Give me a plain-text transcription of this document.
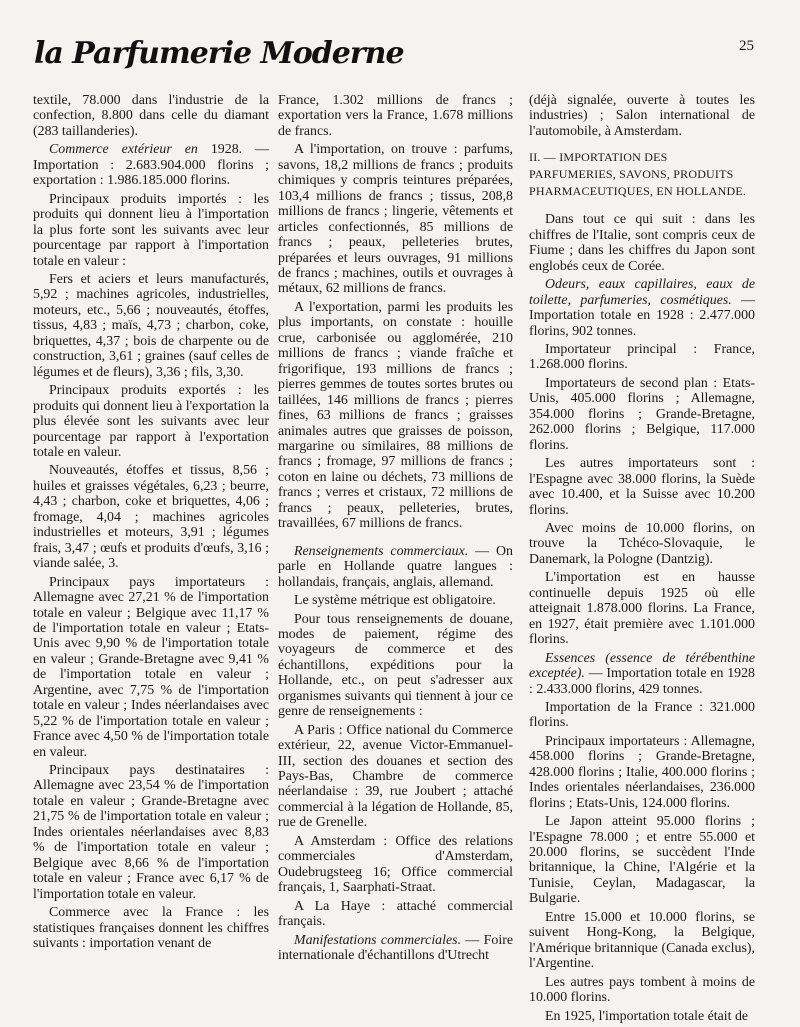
la Parfumerie Moderne	25

textile, 78.000 dans l'industrie de la confection, 8.800 dans celle du diamant (283 taillanderies).

Commerce extérieur en 1928. — Importation : 2.683.904.000 florins ; exportation : 1.986.185.000 florins.

Principaux produits importés : les produits qui donnent lieu à l'importation la plus forte sont les suivants avec leur pourcentage par rapport à l'importation totale en valeur :

Fers et aciers et leurs manufacturés, 5,92 ; machines agricoles, industrielles, moteurs, etc., 5,66 ; nouveautés, étoffes, tissus, 4,83 ; maïs, 4,73 ; charbon, coke, briquettes, 4,37 ; bois de charpente ou de construction, 3,61 ; graines (sauf celles de légumes et de fleurs), 3,36 ; fils, 3,30.

Principaux produits exportés : les produits qui donnent lieu à l'exportation la plus élevée sont les suivants avec leur pourcentage par rapport à l'exportation totale en valeur.

Nouveautés, étoffes et tissus, 8,56 ; huiles et graisses végétales, 6,23 ; beurre, 4,43 ; charbon, coke et briquettes, 4,06 ; fromage, 4,04 ; machines agricoles industrielles et moteurs, 3,91 ; légumes frais, 3,47 ; œufs et produits d'œufs, 3,16 ; viande salée, 3.

Principaux pays importateurs : Allemagne avec 27,21 % de l'importation totale en valeur ; Belgique avec 11,17 % de l'importation totale en valeur ; Etats-Unis avec 9,90 % de l'importation totale en valeur ; Grande-Bretagne avec 9,41 % de l'importation totale en valeur ; Argentine, avec 7,75 % de l'importation totale en valeur ; Indes néerlandaises avec 5,22 % de l'importation totale en valeur ; France avec 4,50 % de l'importation totale en valeur.

Principaux pays destinataires : Allemagne avec 23,54 % de l'importation totale en valeur ; Grande-Bretagne avec 21,75 % de l'importation totale en valeur ; Indes orientales néerlandaises avec 8,83 % de l'importation totale en valeur ; Belgique avec 8,66 % de l'importation totale en valeur ; France avec 6,17 % de l'importation totale en valeur.

Commerce avec la France : les statistiques françaises donnent les chiffres suivants : importation venant de

France, 1.302 millions de francs ; exportation vers la France, 1.678 millions de francs.

A l'importation, on trouve : parfums, savons, 18,2 millions de francs ; produits chimiques y compris teintures préparées, 103,4 millions de francs ; tissus, 208,8 millions de francs ; lingerie, vêtements et articles confectionnés, 85 millions de francs ; peaux, pelleteries brutes, préparées et leurs ouvrages, 91 millions de francs ; machines, outils et ouvrages à métaux, 62 millions de francs.

A l'exportation, parmi les produits les plus importants, on constate : houille crue, carbonisée ou agglomérée, 210 millions de francs ; viande fraîche et frigorifique, 193 millions de francs ; pierres gemmes de toutes sortes brutes ou taillées, 146 millions de francs ; pierres fines, 63 millions de francs ; graisses animales autres que graisses de poisson, margarine ou similaires, 88 millions de francs ; fromage, 97 millions de francs ; coton en laine ou déchets, 73 millions de francs ; verres et cristaux, 72 millions de francs ; peaux, pelleteries, brutes, travaillées, 67 millions de francs.

Renseignements commerciaux. — On parle en Hollande quatre langues : hollandais, français, anglais, allemand.

Le système métrique est obligatoire.

Pour tous renseignements de douane, modes de paiement, régime des voyageurs de commerce et des échantillons, expéditions pour la Hollande, etc., on peut s'adresser aux organismes suivants qui tiennent à jour ce genre de renseignements :

A Paris : Office national du Commerce extérieur, 22, avenue Victor-Emmanuel-III, section des douanes et section des Pays-Bas, Chambre de commerce néerlandaise : 39, rue Joubert ; attaché commercial à la légation de Hollande, 85, rue de Grenelle.

A Amsterdam : Office des relations commerciales d'Amsterdam, Oudebrugsteeg 16; Office commercial français, 1, Saarphati-Straat.

A La Haye : attaché commercial français.

Manifestations commerciales. — Foire internationale d'échantillons d'Utrecht

(déjà signalée, ouverte à toutes les industries) ; Salon international de l'automobile, à Amsterdam.

II. — IMPORTATION DES PARFUMERIES, SAVONS, PRODUITS PHARMACEUTIQUES, EN HOLLANDE.

Dans tout ce qui suit : dans les chiffres de l'Italie, sont compris ceux de Fiume ; dans les chiffres du Japon sont englobés ceux de Corée.

Odeurs, eaux capillaires, eaux de toilette, parfumeries, cosmétiques. — Importation totale en 1928 : 2.477.000 florins, 902 tonnes.

Importateur principal : France, 1.268.000 florins.

Importateurs de second plan : Etats-Unis, 405.000 florins ; Allemagne, 354.000 florins ; Grande-Bretagne, 262.000 florins ; Belgique, 117.000 florins.

Les autres importateurs sont : l'Espagne avec 38.000 florins, la Suède avec 10.400, et la Suisse avec 10.200 florins.

Avec moins de 10.000 florins, on trouve la Tchéco-Slovaquie, le Danemark, la Pologne (Dantzig).

L'importation est en hausse continuelle depuis 1925 où elle atteignait 1.878.000 florins. La France, en 1927, était première avec 1.101.000 florins.

Essences (essence de térébenthine exceptée). — Importation totale en 1928 : 2.433.000 florins, 429 tonnes.

Importation de la France : 321.000 florins.

Principaux importateurs : Allemagne, 458.000 florins ; Grande-Bretagne, 428.000 florins ; Italie, 400.000 florins ; Indes orientales néerlandaises, 236.000 florins ; Etats-Unis, 124.000 florins.

Le Japon atteint 95.000 florins ; l'Espagne 78.000 ; et entre 55.000 et 20.000 florins, se succèdent l'Inde britannique, la Chine, l'Algérie et la Tunisie, Ceylan, Madagascar, la Bulgarie.

Entre 15.000 et 10.000 florins, se suivent Hong-Kong, la Belgique, l'Amérique britannique (Canada exclus), l'Argentine.

Les autres pays tombent à moins de 10.000 florins.

En 1925, l'importation totale était de
